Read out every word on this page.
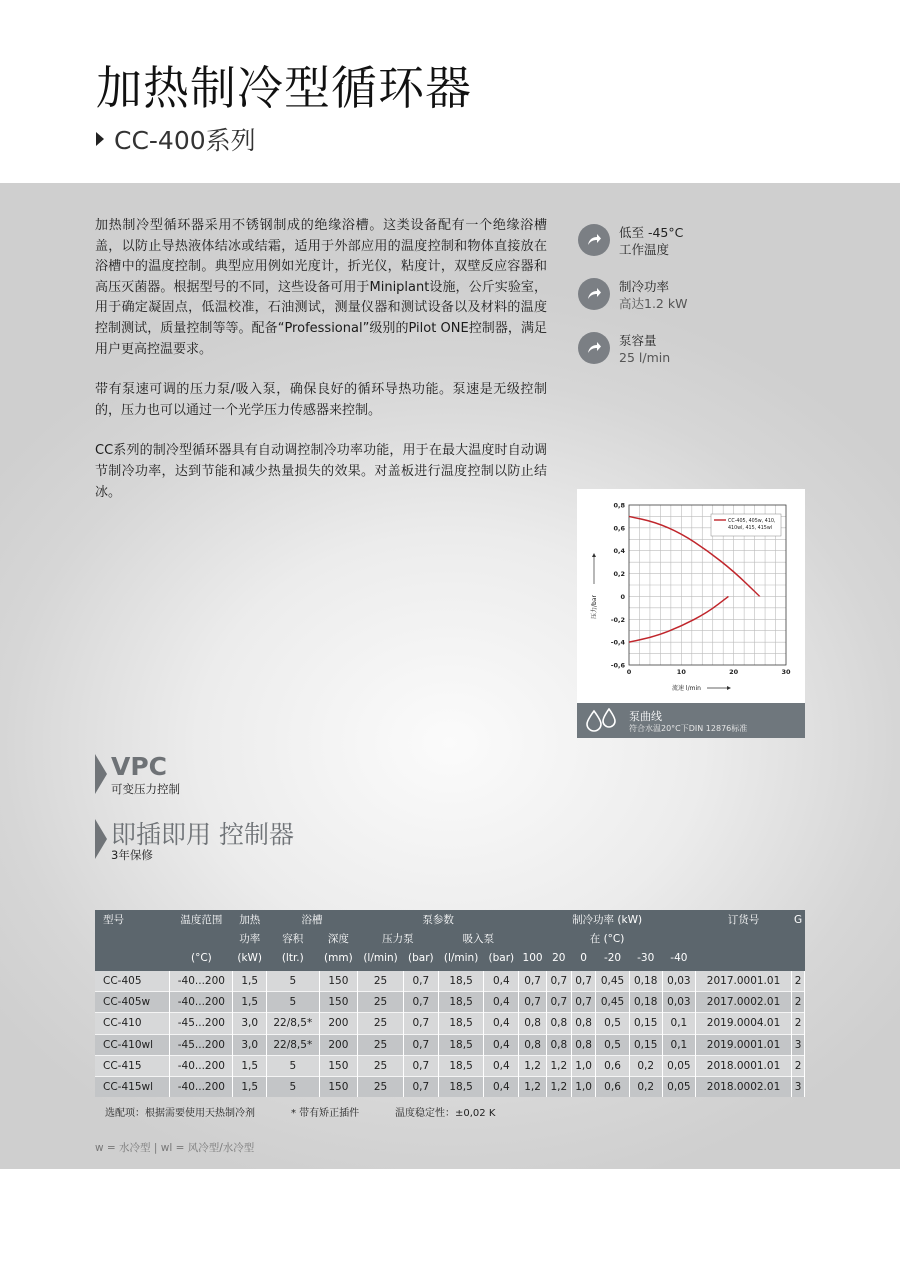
加热制冷型循环器
CC-400系列

加热制冷型循环器采用不锈钢制成的绝缘浴槽。这类设备配有一个绝缘浴槽盖，以防止导热液体结冰或结霜，适用于外部应用的温度控制和物体直接放在浴槽中的温度控制。典型应用例如光度计，折光仪，粘度计，双壁反应容器和高压灭菌器。根据型号的不同，这些设备可用于Miniplant设施，公斤实验室，用于确定凝固点，低温校准，石油测试，测量仪器和测试设备以及材料的温度控制测试，质量控制等等。配备“Professional”级别的Pilot ONE控制器，满足用户更高控温要求。

带有泵速可调的压力泵/吸入泵，确保良好的循环导热功能。泵速是无级控制的，压力也可以通过一个光学压力传感器来控制。

CC系列的制冷型循环器具有自动调控制冷功率功能，用于在最大温度时自动调节制冷功率，达到节能和减少热量损失的效果。对盖板进行温度控制以防止结冰。

低至 -45°C
工作温度
制冷功率
高达1.2 kW
泵容量
25 l/min
-0,6
-0,4
-0,2
0
0,2
0,4
0,6
0,8
0	10	20	30
流速 l/min
压力/bar
CC-405, 405w, 410, 410wl, 415, 415wl
泵曲线
符合水温20°C下DIN 12876标准
VPC
可变压力控制
即插即用 控制器
3年保修
型号	温度范围	加热	浴槽		泵参数				制冷功率 (kW)						订货号	G
		功率	容积	深度	压力泵		吸入泵		在 (°C)							
	(°C)	(kW)	(ltr.)	(mm)	(l/min)	(bar)	(l/min)	(bar)	100	20	0	-20	-30	-40		
CC-405	-40...200	1,5	5	150	25	0,7	18,5	0,4	0,7	0,7	0,7	0,45	0,18	0,03	2017.0001.01	2
CC-405w	-40...200	1,5	5	150	25	0,7	18,5	0,4	0,7	0,7	0,7	0,45	0,18	0,03	2017.0002.01	2
CC-410	-45...200	3,0	22/8,5*	200	25	0,7	18,5	0,4	0,8	0,8	0,8	0,5	0,15	0,1	2019.0004.01	2
CC-410wl	-45...200	3,0	22/8,5*	200	25	0,7	18,5	0,4	0,8	0,8	0,8	0,5	0,15	0,1	2019.0001.01	3
CC-415	-40...200	1,5	5	150	25	0,7	18,5	0,4	1,2	1,2	1,0	0,6	0,2	0,05	2018.0001.01	2
CC-415wl	-40...200	1,5	5	150	25	0,7	18,5	0,4	1,2	1,2	1,0	0,6	0,2	0,05	2018.0002.01	3
选配项：根据需要使用天热制冷剂	* 带有矫正插件	温度稳定性：±0,02 K
w = 水冷型 | wl = 风冷型/水冷型
